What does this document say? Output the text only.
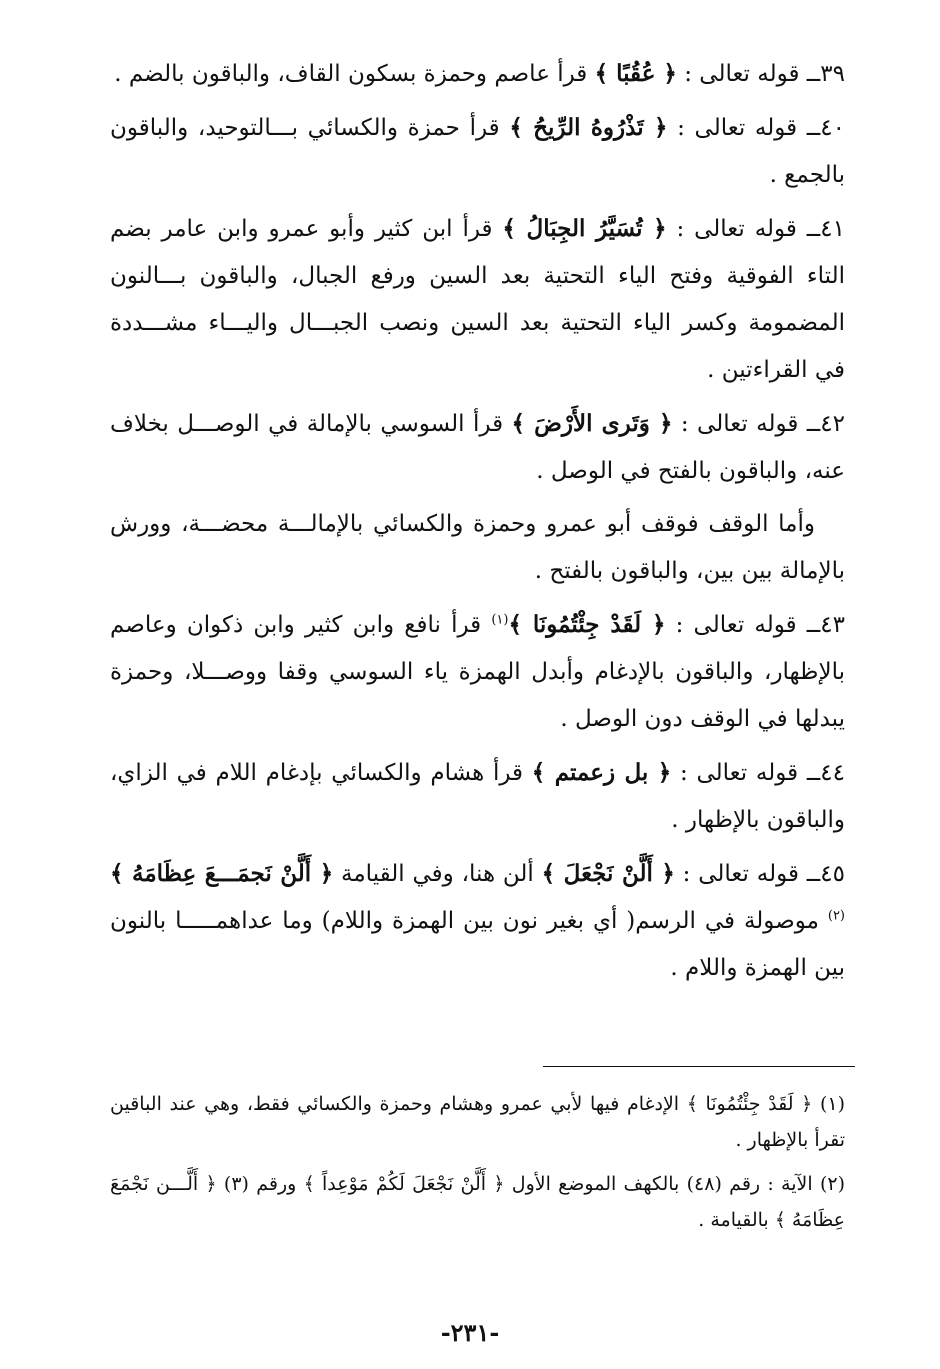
٣٩ــ قوله تعالى : ﴿ عُقُبًا ﴾ قرأ عاصم وحمزة بسكون القاف، والباقون بالضم .

٤٠ــ قوله تعالى : ﴿ تَذْرُوهُ الرِّيحُ ﴾ قرأ حمزة والكسائي بـــالتوحيد، والباقون بالجمع .

٤١ــ قوله تعالى : ﴿ تُسَيَّرُ الجِبَالُ ﴾ قرأ ابن كثير وأبو عمرو وابن عامر بضم التاء الفوقية وفتح الياء التحتية بعد السين ورفع الجبال، والباقون بـــالنون المضمومة وكسر الياء التحتية بعد السين ونصب الجبـــال واليـــاء مشـــددة في القراءتين .

٤٢ــ قوله تعالى : ﴿ وَتَرى الأَرْضَ ﴾ قرأ السوسي بالإمالة في الوصـــل بخلاف عنه، والباقون بالفتح في الوصل .

وأما الوقف فوقف أبو عمرو وحمزة والكسائي بالإمالـــة محضـــة، وورش بالإمالة بين بين، والباقون بالفتح .

٤٣ــ قوله تعالى : ﴿ لَقَدْ جِئْتُمُونَا ﴾$^{(١)}$ قرأ نافع وابن كثير وابن ذكوان وعاصم بالإظهار، والباقون بالإدغام وأبدل الهمزة ياء السوسي وقفا ووصـــلا، وحمزة يبدلها في الوقف دون الوصل .

٤٤ــ قوله تعالى : ﴿ بل زعمتم ﴾ قرأ هشام والكسائي بإدغام اللام في الزاي، والباقون بالإظهار .

٤٥ــ قوله تعالى : ﴿ أَلَّنْ نَجْعَلَ ﴾ ألن هنا، وفي القيامة ﴿ أَلَّنْ نَجمَـــعَ عِظَامَهُ ﴾$^{(٢)}$ موصولة في الرسم( أي بغير نون بين الهمزة واللام) وما عداهمـــــا بالنون بين الهمزة واللام .

(١) ﴿ لَقَدْ جِئْتُمُونَا ﴾ الإدغام فيها لأبي عمرو وهشام وحمزة والكسائي فقط، وهي عند الباقين تقرأ بالإظهار .

(٢) الآية : رقم (٤٨) بالكهف الموضع الأول ﴿ أَلَّنْ نَجْعَلَ لَكُمْ مَوْعِداً ﴾ ورقم (٣) ﴿ أَلَّـــن نَجْمَعَ عِظَامَهُ ﴾ بالقيامة .

-٢٣١-
